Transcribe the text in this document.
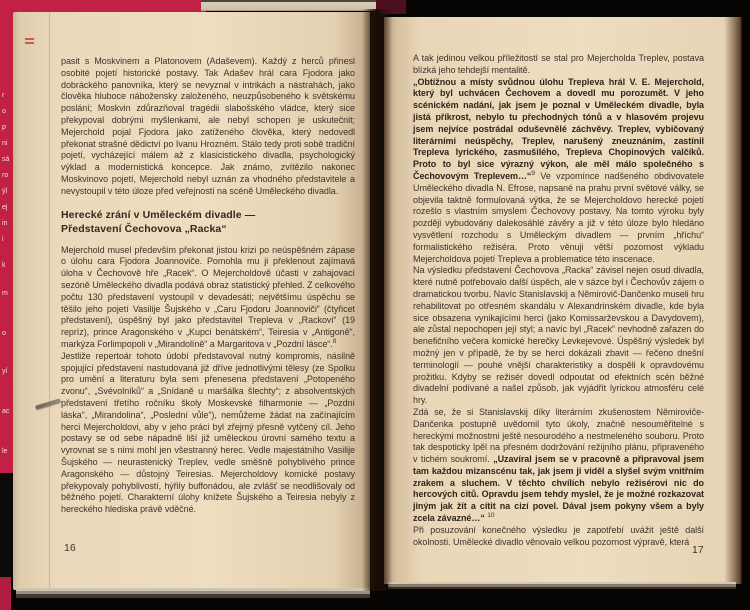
r
o
p
ni
sá
ro
ýl
ej
in
i
k
m
o
yí
ac
le

pasit s Moskvinem a Platonovem (Adaševem). Každý z herců přinesl osobité pojetí historické postavy. Tak Adašev hrál cara Fjodora jako dobráckého panovníka, který se nevyznal v intrikách a nástrahách, jako člověka hluboce nábožensky založeného, neuzpůsobeného k světskému poslání; Moskvin zdůrazňoval tragédii slabošského vládce, který sice překypoval dobrými myšlenkami, ale nebyl schopen je uskutečnit; Mejerchold pojal Fjodora jako zatíženého člověka, který nedovedl překonat strašné dědictví po Ivanu Hrozném. Stálo tedy proti sobě tradiční pojetí, vycházející málem až z klasicistického divadla, psychologický výklad a modernistická koncepce. Jak známo, zvítězilo nakonec Moskvinovo pojetí, Mejerchold nebyl uznán za vhodného představitele a nevystoupil v této úloze před veřejností na scéně Uměleckého divadla.

Herecké zrání v Uměleckém divadle —
Představení Čechovova „Racka“

Mejerchold musel především překonat jistou krizi po neúspěšném zápase o úlohu cara Fjodora Joannoviče. Pomohla mu ji překlenout zajímavá úloha v Čechovově hře „Racek“. O Mejercholdově účasti v zahajovací sezóně Uměleckého divadla podává obraz statistický přehled. Z celkového počtu 130 představení vystoupil v devadesáti; největšímu úspěchu se těšilo jeho pojetí Vasilije Šujského v „Caru Fjodoru Joannoviči“ (čtyřicet představení), úspěšný byl jako představitel Trepleva v „Rackovi“ (19 repríz), prince Aragonského v „Kupci benátském“, Teiresia v „Antigoně“, markýza Forlimpopoli v „Mirandolíně“ a Margaritova v „Pozdní lásce“.$^8$

Jestliže repertoár tohoto údobí představoval nutný kompromis, násilně spojující představení nastudovaná již dříve jednotlivými tělesy (ze Spolku pro umění a literaturu byla sem přenesena představení „Potopeného zvonu“, „Svévolníků“ a „Snídaně u maršálka šlechty“; z absolventských představení třetího ročníku školy Moskevské filharmonie — „Pozdní láska“, „Mirandolina“, „Poslední vůle“), nemůžeme žádat na začínajícím herci Mejercholdovi, aby v jeho práci byl zřejmý přesně vytčený cíl. Jeho postavy se od sebe nápadně liší již uměleckou úrovní samého textu a vyrovnat se s nimi mohl jen všestranný herec. Vedle majestátního Vasilije Šujského — neurastenický Treplev, vedle směšně pohyblivého prince Aragonského — důstojný Teiresias. Mejercholdovy komické postavy překypovaly pohyblivostí, hýřily buffonádou, ale zvlášť se neodlišovaly od běžného pojetí. Charakterní úlohy knížete Šujského a Teiresia nebyly z hereckého hlediska právě vděčné.

16

A tak jedinou velkou příležitostí se stal pro Mejercholda Treplev, postava blízká jeho tehdejší mentalitě.

„Obtížnou a místy svůdnou úlohu Trepleva hrál V. E. Mejerchold, který byl uchvácen Čechovem a dovedl mu porozumět. V jeho scénickém nadání, jak jsem je poznal v Uměleckém divadle, byla jistá příkrost, nebylo tu přechodných tónů a v hlasovém projevu jsem nejvíce postrádal oduševnělé záchvěvy. Treplev, vybičovaný literárními neúspěchy, Treplev, narušený zneuznáním, zastínil Trepleva lyrického, zasmušilého, Trepleva Chopinových valčíků. Proto to byl sice výrazný výkon, ale měl málo společného s Čechovovým Treplevem…“$^9$ Ve vzpomínce nadšeného obdivovatele Uměleckého divadla N. Efrose, napsané na prahu první světové války, se objevila taktně formulovaná výtka, že se Mejercholdovo herecké pojetí rozešlo s vlastním smyslem Čechovovy postavy. Na tomto výroku byly později vybudovány dalekosáhlé závěry a již v této úloze bylo hledáno vysvětlení rozchodu s Uměleckým divadlem — prvním „hříchu“ formalistického režiséra. Proto věnuji větší pozornost výkladu Mejercholdova pojetí Trepleva a problematice této inscenace.

Na výsledku představení Čechovova „Racka“ závisel nejen osud divadla, které nutně potřebovalo další úspěch, ale v sázce byl i Čechovův zájem o dramatickou tvorbu. Navíc Stanislavskij a Němirovič-Dančenko museli hru rehabilitovat po otřesném skandálu v Alexandrinském divadle, kde byla sice obsazena vynikajícími herci (jako Komissarževskou a Davydovem), ale zůstal nepochopen její styl; a navíc byl „Racek“ nevhodně zařazen do benefičního večera komické herečky Levkejevové. Úspěšný výsledek byl možný jen v případě, že by se herci dokázali zbavit — řečeno dnešní terminologií — pouhé vnější charakteristiky a dospěli k opravdovému prožitku. Kdyby se režisér dovedl odpoutat od efektních scén běžné divadelní podívané a našel způsob, jak vyjádřit lyrickou atmosféru celé hry.

Zdá se, že si Stanislavskij díky literárním zkušenostem Němiroviče-Dančenka postupně uvědomil tyto úkoly, značně nesouměřitelné s hereckými možnostmi ještě nesourodého a nestmeleného souboru. Proto tak despoticky lpěl na přesném dodržování režijního plánu, připraveného v tichém soukromí. „Uzavíral jsem se v pracovně a připravoval jsem tam každou mizanscénu tak, jak jsem ji viděl a slyšel svým vnitřním zrakem a sluchem. V těchto chvílích nebylo režisérovi nic do hercových citů. Opravdu jsem tehdy myslel, že je možné rozkazovat jiným jak žít a cítit na cizí povel. Dával jsem pokyny všem a byly zcela závazné…“ $^{10}$

Při posuzování konečného výsledku je zapotřebí uvážit ještě další okolnosti. Umělecké divadlo věnovalo velkou pozornost výpravě, která

17
